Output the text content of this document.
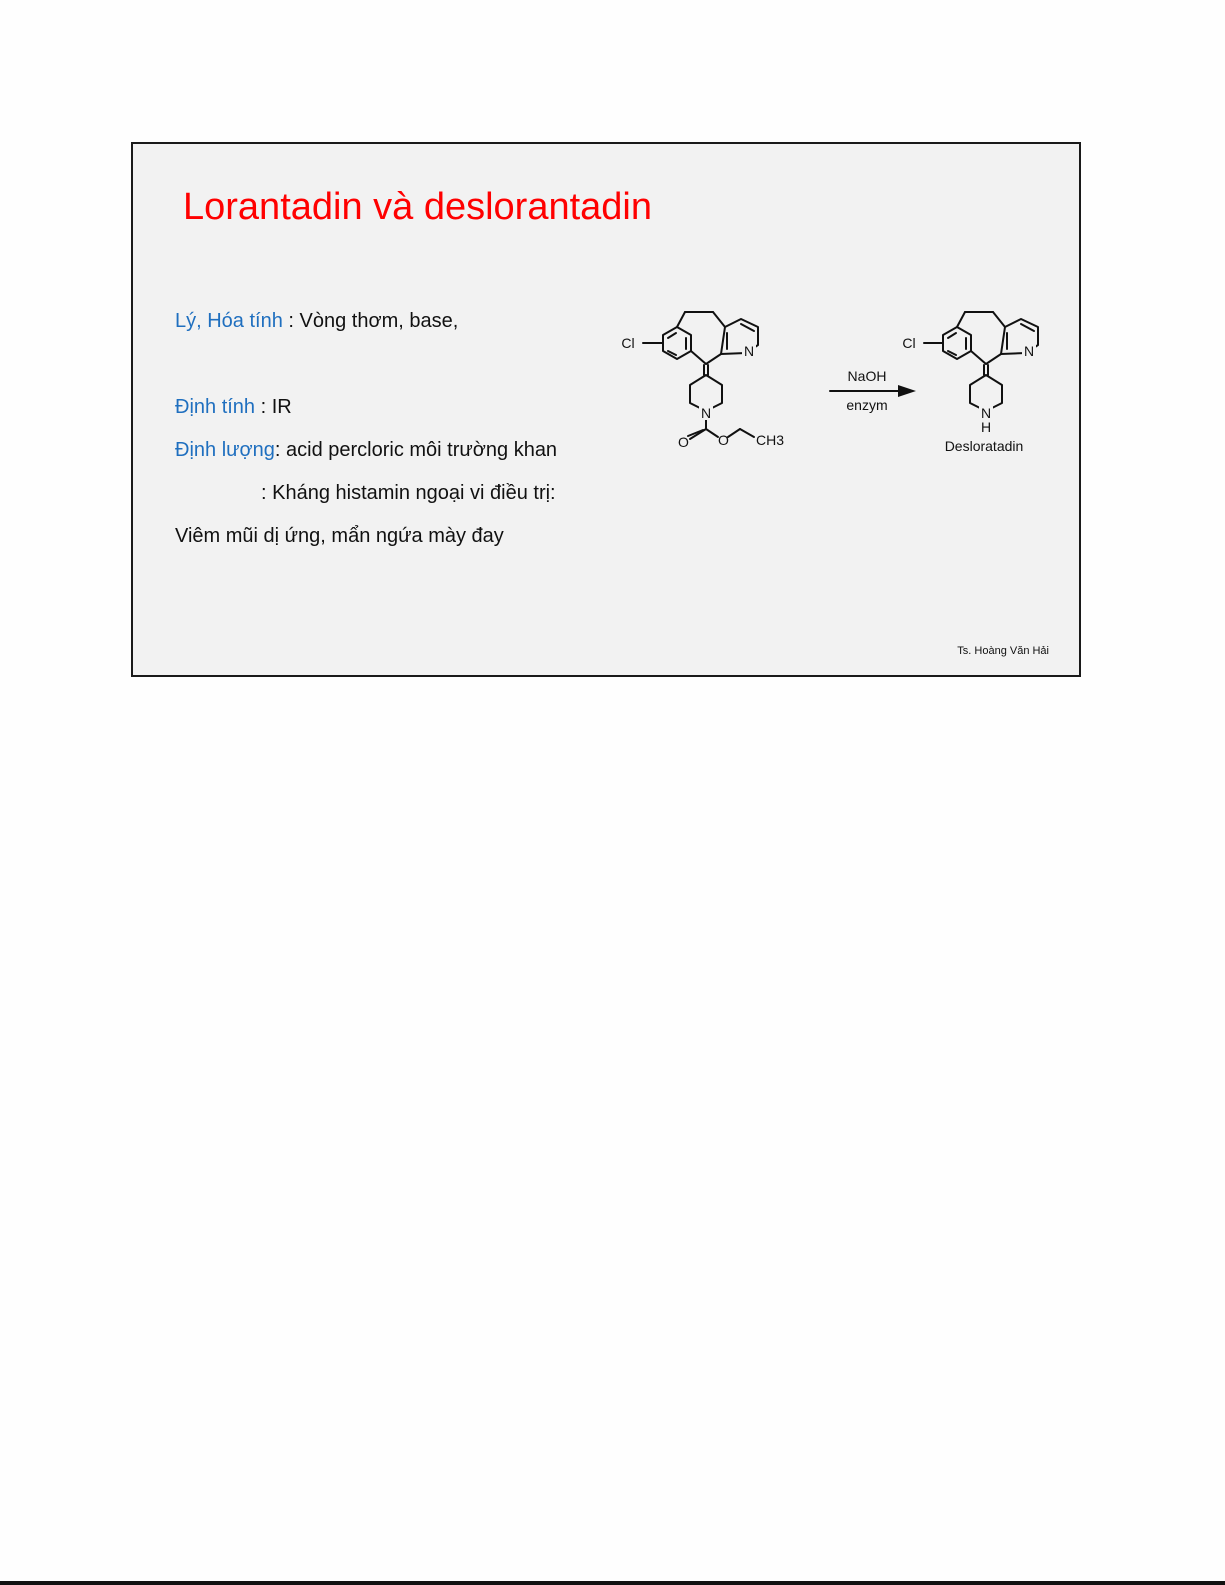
Lorantadin và deslorantadin
Lý, Hóa tính : Vòng thơm, base,
Định tính : IR
Định lượng: acid percloric môi trường khan
: Kháng histamin ngoại vi điều trị:
Viêm mũi dị ứng, mẩn ngứa mày đay
Cl	N
N
O O CH3
NaOH
enzym
Cl	N
N
H
Desloratadin
Ts. Hoàng Văn Hải
